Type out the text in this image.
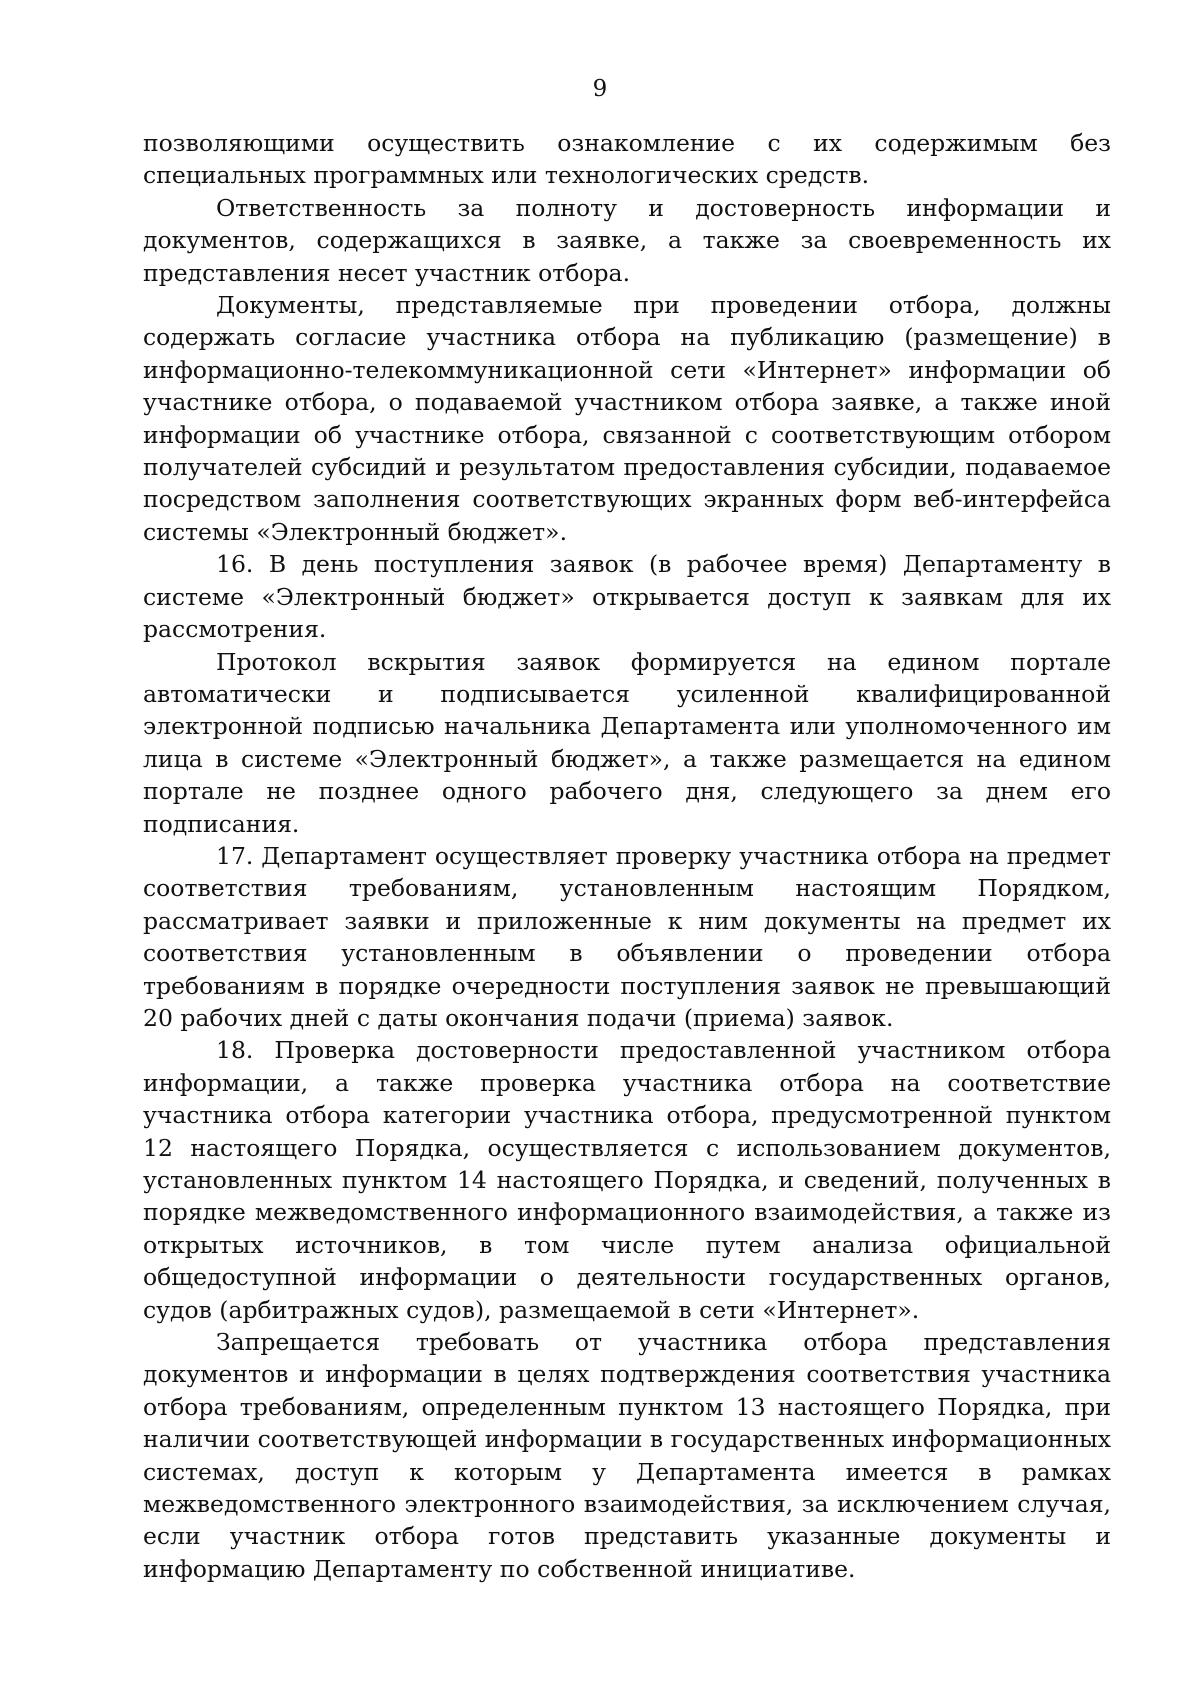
9

позволяющими осуществить ознакомление с их содержимым без специальных программных или технологических средств.

Ответственность за полноту и достоверность информации и документов, содержащихся в заявке, а также за своевременность их представления несет участник отбора.

Документы, представляемые при проведении отбора, должны содержать согласие участника отбора на публикацию (размещение) в информационно-телекоммуникационной сети «Интернет» информации об участнике отбора, о подаваемой участником отбора заявке, а также иной информации об участнике отбора, связанной с соответствующим отбором получателей субсидий и результатом предоставления субсидии, подаваемое посредством заполнения соответствующих экранных форм веб-интерфейса системы «Электронный бюджет».

16. В день поступления заявок (в рабочее время) Департаменту в системе «Электронный бюджет» открывается доступ к заявкам для их рассмотрения.

Протокол вскрытия заявок формируется на едином портале автоматически и подписывается усиленной квалифицированной электронной подписью начальника Департамента или уполномоченного им лица в системе «Электронный бюджет», а также размещается на едином портале не позднее одного рабочего дня, следующего за днем его подписания.

17. Департамент осуществляет проверку участника отбора на предмет соответствия требованиям, установленным настоящим Порядком, рассматривает заявки и приложенные к ним документы на предмет их соответствия установленным в объявлении о проведении отбора требованиям в порядке очередности поступления заявок не превышающий 20 рабочих дней с даты окончания подачи (приема) заявок.

18. Проверка достоверности предоставленной участником отбора информации, а также проверка участника отбора на соответствие участника отбора категории участника отбора, предусмотренной пунктом 12 настоящего Порядка, осуществляется с использованием документов, установленных пунктом 14 настоящего Порядка, и сведений, полученных в порядке межведомственного информационного взаимодействия, а также из открытых источников, в том числе путем анализа официальной общедоступной информации о деятельности государственных органов, судов (арбитражных судов), размещаемой в сети «Интернет».

Запрещается требовать от участника отбора представления документов и информации в целях подтверждения соответствия участника отбора требованиям, определенным пунктом 13 настоящего Порядка, при наличии соответствующей информации в государственных информационных системах, доступ к которым у Департамента имеется в рамках межведомственного электронного взаимодействия, за исключением случая, если участник отбора готов представить указанные документы и информацию Департаменту по собственной инициативе.
